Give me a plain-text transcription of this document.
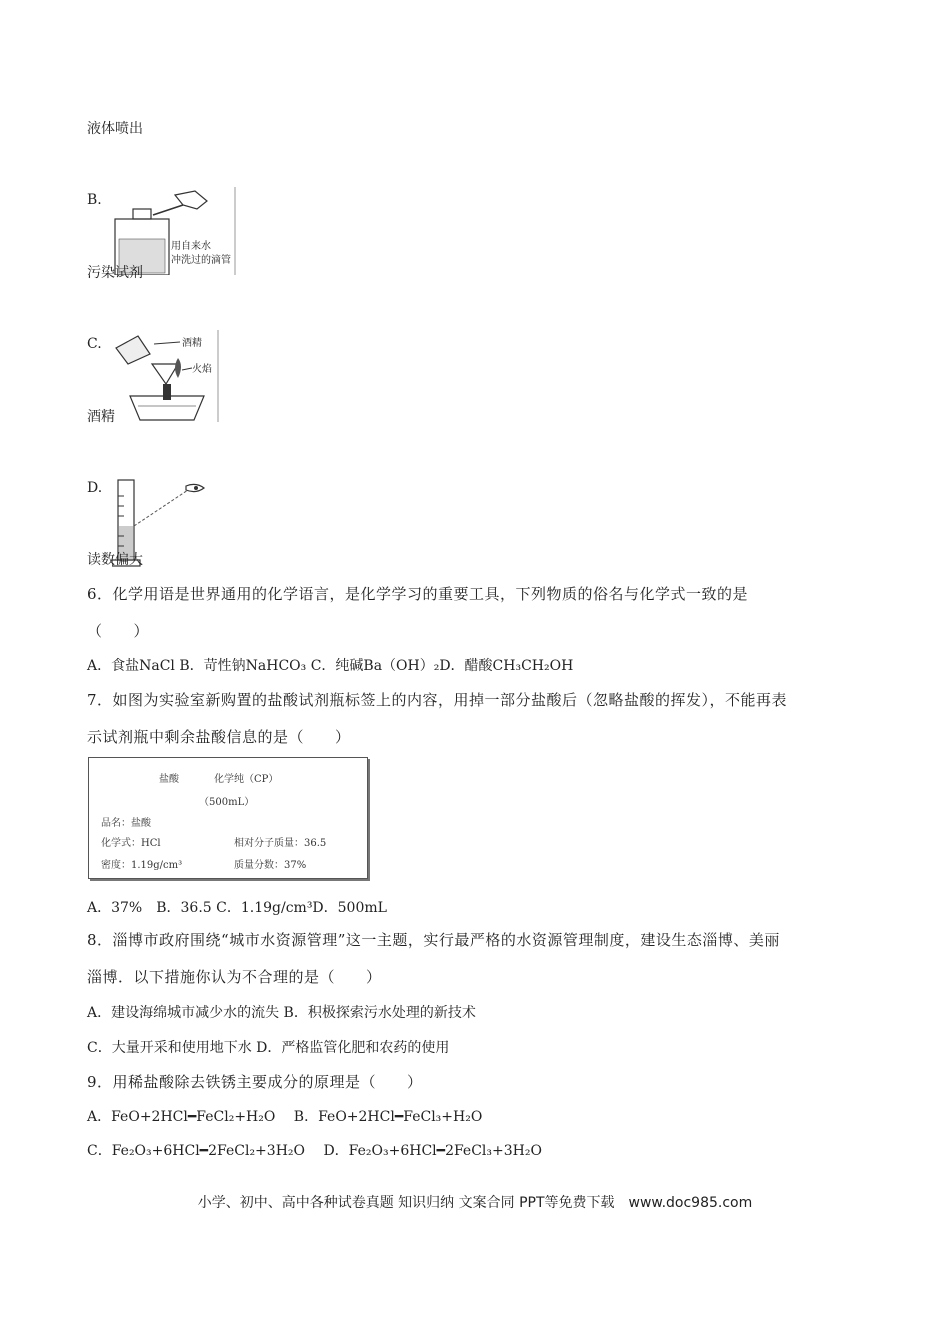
液体喷出
B.
用自来水
冲洗过的滴管
污染试剂
C.	酒精
火焰
酒精
D.
读数偏大
6．化学用语是世界通用的化学语言，是化学学习的重要工具，下列物质的俗名与化学式一致的是
（　　）
A．食盐NaCl B．苛性钠NaHCO₃ C．纯碱Ba（OH）₂D．醋酸CH₃CH₂OH
7．如图为实验室新购置的盐酸试剂瓶标签上的内容，用掉一部分盐酸后（忽略盐酸的挥发），不能再表
示试剂瓶中剩余盐酸信息的是（　　）
盐酸	化学纯（CP）
（500mL）
品名：盐酸
化学式：HCl	相对分子质量：36.5
密度：1.19g/cm³	质量分数：37%
A．37%　B．36.5 C．1.19g/cm³D．500mL
8．淄博市政府围绕“城市水资源管理”这一主题，实行最严格的水资源管理制度，建设生态淄博、美丽
淄博．以下措施你认为不合理的是（　　）
A．建设海绵城市减少水的流失 B．积极探索污水处理的新技术
C．大量开采和使用地下水 D．严格监管化肥和农药的使用
9．用稀盐酸除去铁锈主要成分的原理是（　　）
A．FeO+2HCl━FeCl₂+H₂O　 B．FeO+2HCl━FeCl₃+H₂O
C．Fe₂O₃+6HCl━2FeCl₂+3H₂O　 D．Fe₂O₃+6HCl━2FeCl₃+3H₂O
小学、初中、高中各种试卷真题 知识归纳 文案合同 PPT等免费下载　www.doc985.com
